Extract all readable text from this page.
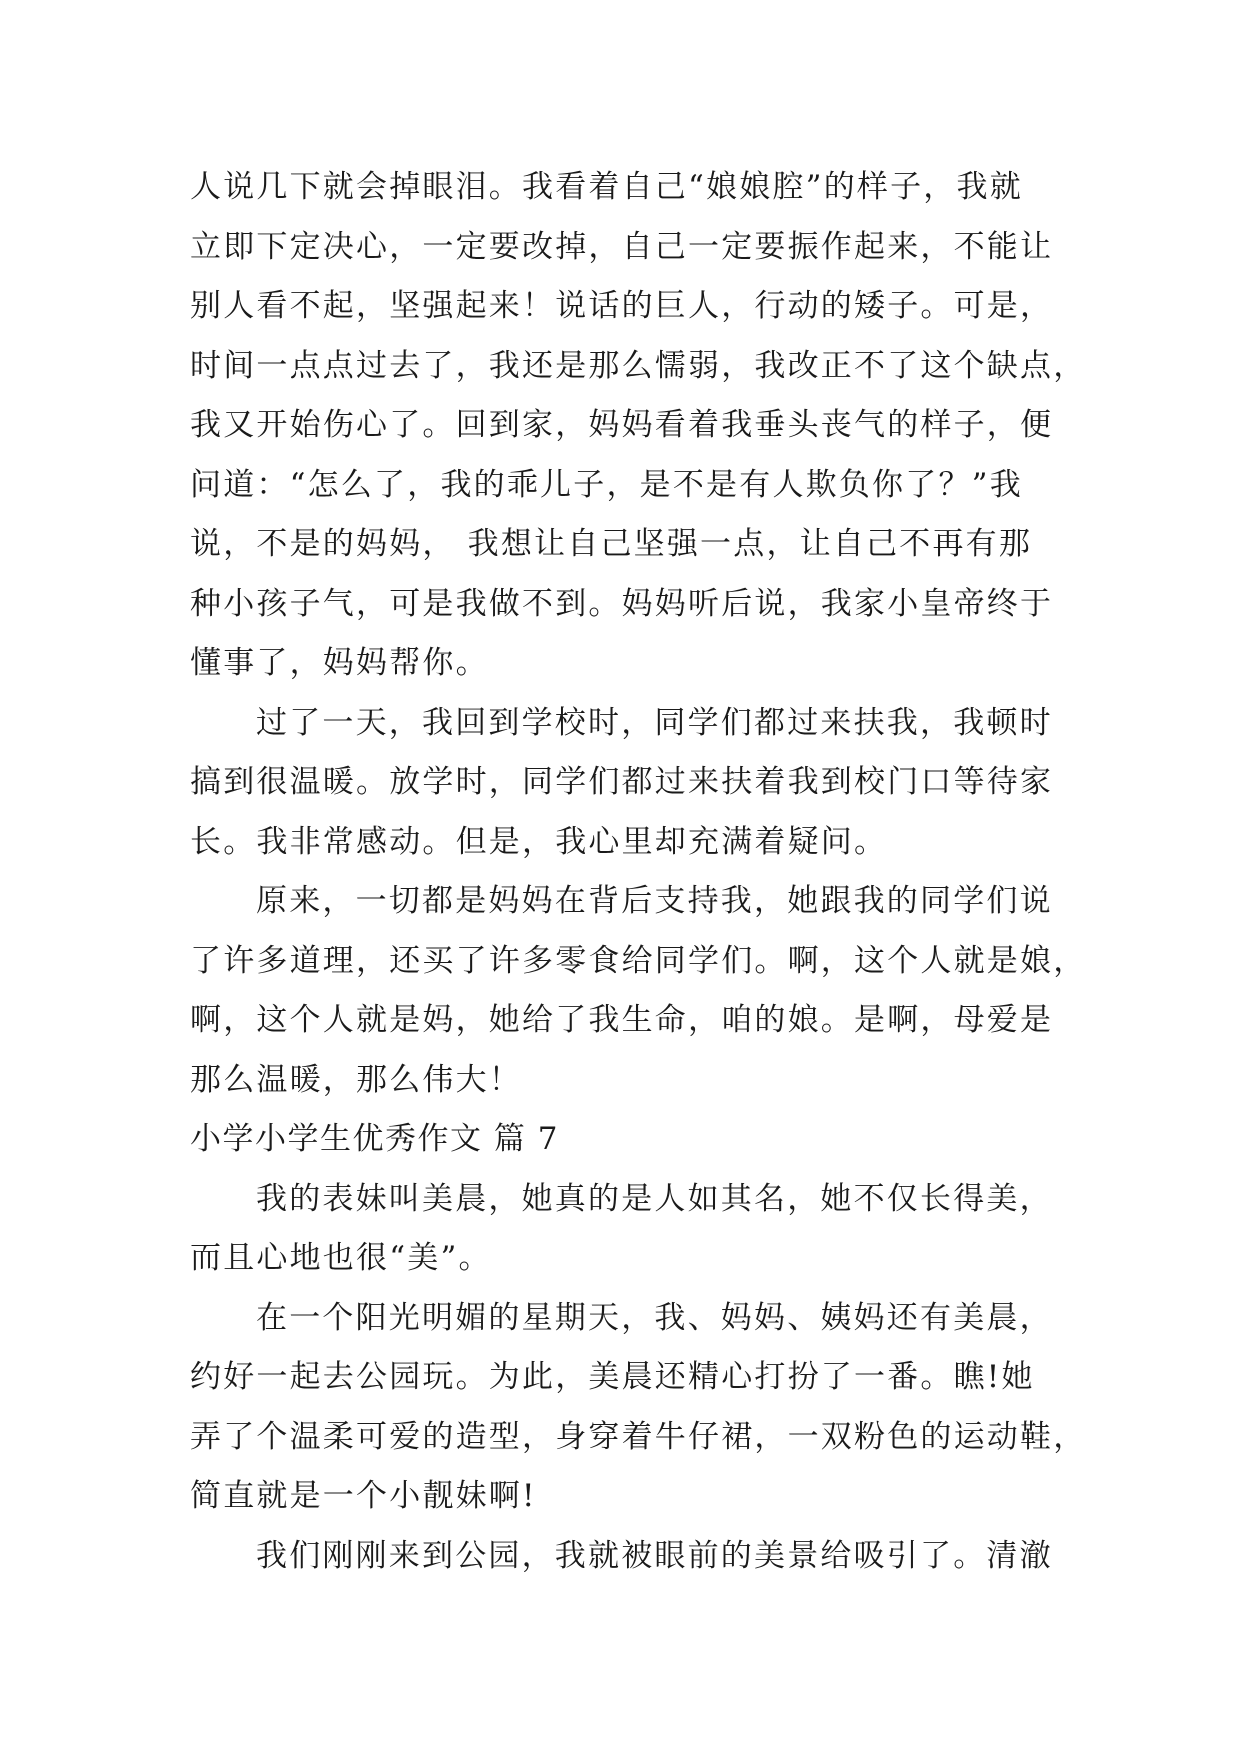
人说几下就会掉眼泪。我看着自己“娘娘腔”的样子，我就
立即下定决心，一定要改掉，自己一定要振作起来，不能让
别人看不起，坚强起来！说话的巨人，行动的矮子。可是，
时间一点点过去了，我还是那么懦弱，我改正不了这个缺点，
我又开始伤心了。回到家，妈妈看着我垂头丧气的样子，便
问道：“怎么了，我的乖儿子，是不是有人欺负你了？”我
说，不是的妈妈， 我想让自己坚强一点，让自己不再有那
种小孩子气，可是我做不到。妈妈听后说，我家小皇帝终于
懂事了，妈妈帮你。
过了一天，我回到学校时，同学们都过来扶我，我顿时
搞到很温暖。放学时，同学们都过来扶着我到校门口等待家
长。我非常感动。但是，我心里却充满着疑问。
原来，一切都是妈妈在背后支持我，她跟我的同学们说
了许多道理，还买了许多零食给同学们。啊，这个人就是娘，
啊，这个人就是妈，她给了我生命，咱的娘。是啊，母爱是
那么温暖，那么伟大！
小学小学生优秀作文 篇 7
我的表妹叫美晨，她真的是人如其名，她不仅长得美，
而且心地也很“美”。
在一个阳光明媚的星期天，我、妈妈、姨妈还有美晨，
约好一起去公园玩。为此，美晨还精心打扮了一番。瞧!她
弄了个温柔可爱的造型，身穿着牛仔裙，一双粉色的运动鞋，
简直就是一个小靓妹啊!
我们刚刚来到公园，我就被眼前的美景给吸引了。清澈
